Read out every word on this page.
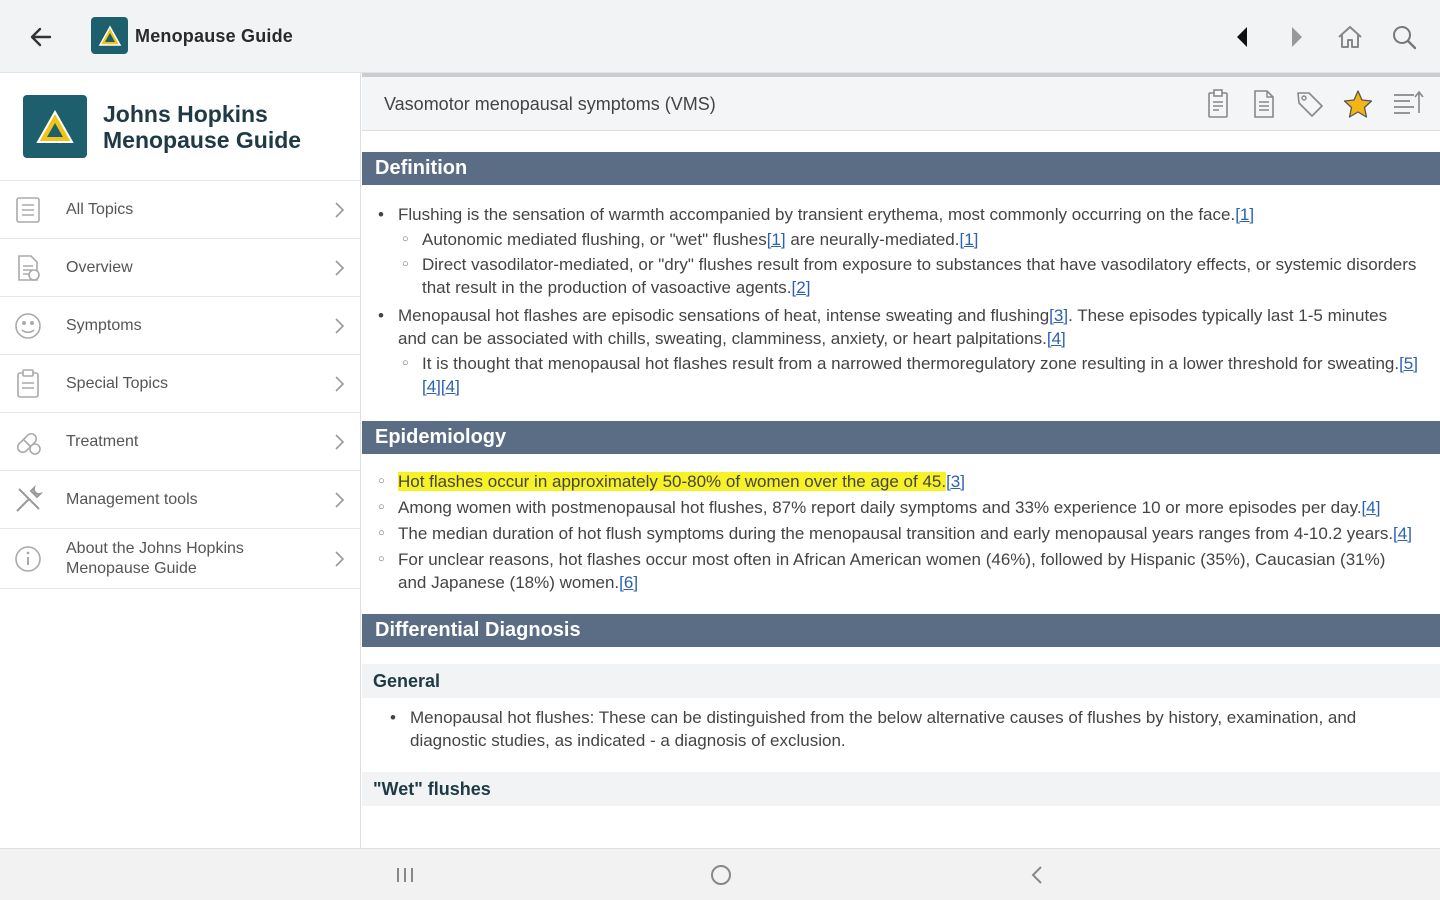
Menopause Guide
Johns Hopkins
Menopause Guide
All Topics
Overview
Symptoms
Special Topics
Treatment
Management tools
About the Johns Hopkins
Menopause Guide
Vasomotor menopausal symptoms (VMS)
Definition
• Flushing is the sensation of warmth accompanied by transient erythema, most commonly occurring on the face.[1]
○ Autonomic mediated flushing, or "wet" flushes[1] are neurally-mediated.[1]
○ Direct vasodilator-mediated, or "dry" flushes result from exposure to substances that have vasodilatory effects, or systemic disorders that result in the production of vasoactive agents.[2]
• Menopausal hot flashes are episodic sensations of heat, intense sweating and flushing[3]. These episodes typically last 1-5 minutes and can be associated with chills, sweating, clamminess, anxiety, or heart palpitations.[4]
○ It is thought that menopausal hot flashes result from a narrowed thermoregulatory zone resulting in a lower threshold for sweating.[5][4][4]
Epidemiology
○ Hot flashes occur in approximately 50-80% of women over the age of 45.[3]
○ Among women with postmenopausal hot flushes, 87% report daily symptoms and 33% experience 10 or more episodes per day.[4]
○ The median duration of hot flush symptoms during the menopausal transition and early menopausal years ranges from 4-10.2 years.[4]
○ For unclear reasons, hot flashes occur most often in African American women (46%), followed by Hispanic (35%), Caucasian (31%) and Japanese (18%) women.[6]
Differential Diagnosis
General
• Menopausal hot flushes: These can be distinguished from the below alternative causes of flushes by history, examination, and diagnostic studies, as indicated - a diagnosis of exclusion.
"Wet" flushes
